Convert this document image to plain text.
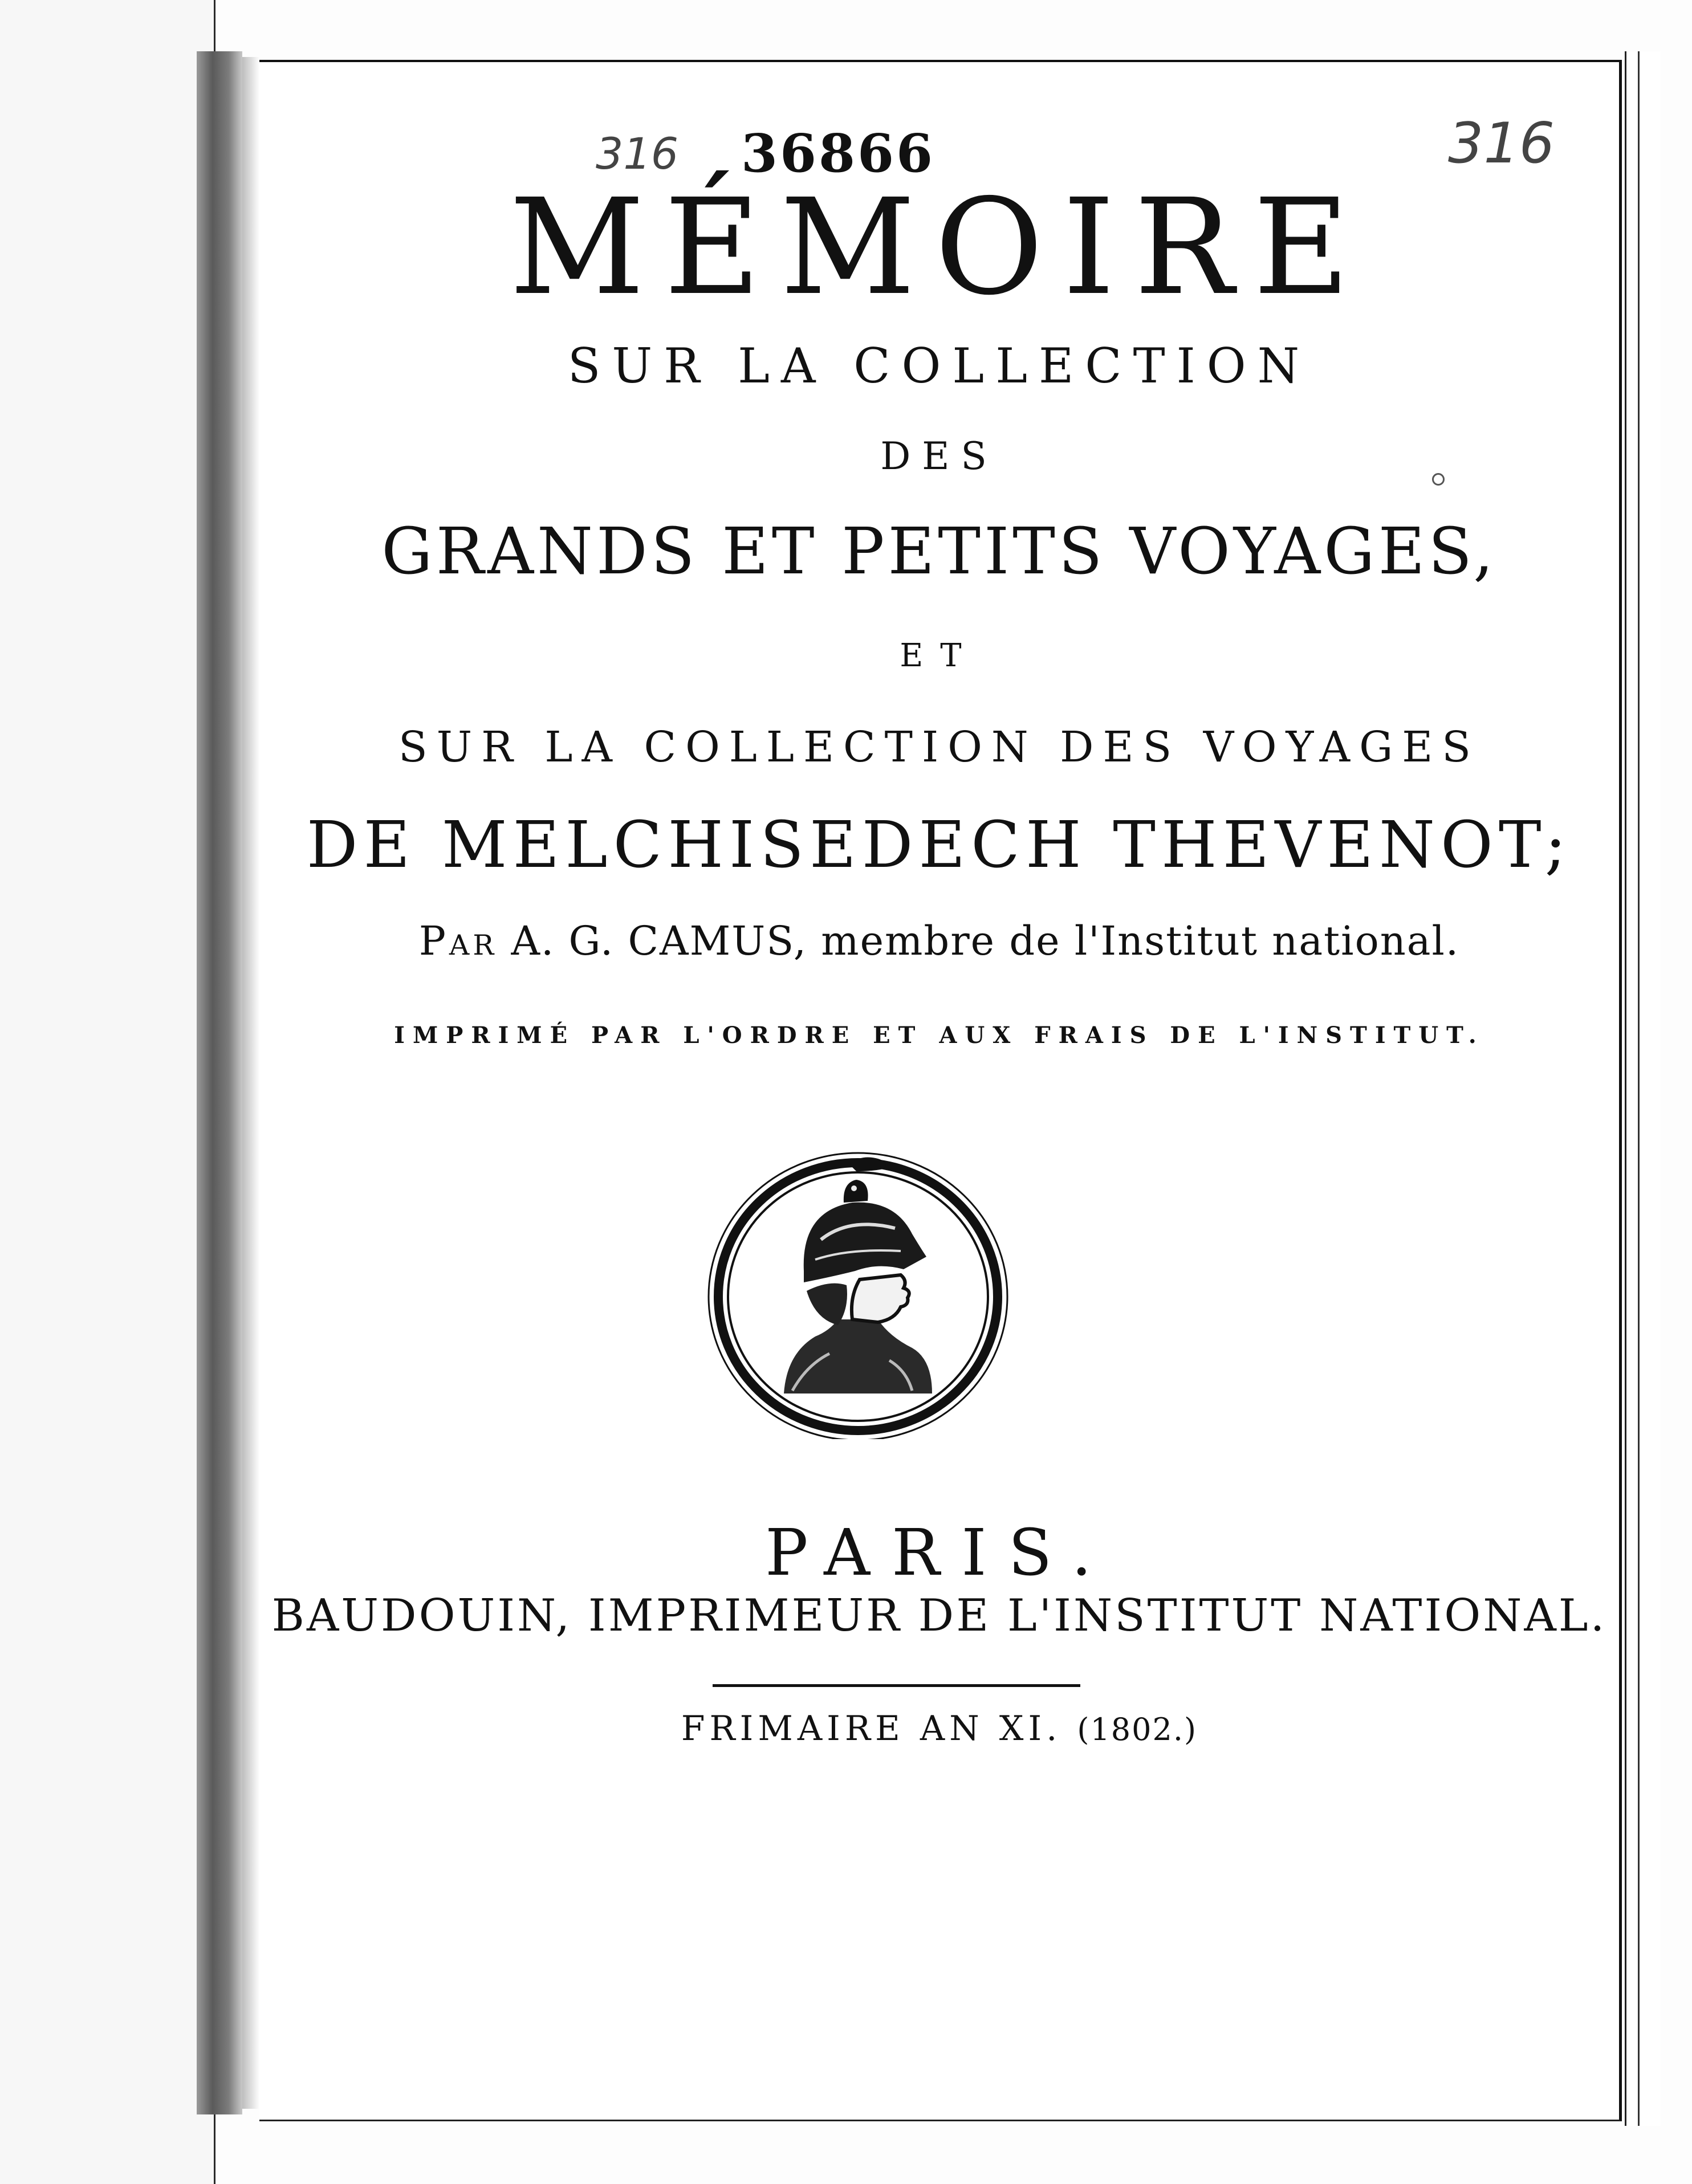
316 36866	316
MÉMOIRE

SUR LA COLLECTION

DES

GRANDS ET PETITS VOYAGES,

ET

SUR LA COLLECTION DES VOYAGES

DE MELCHISEDECH THEVENOT;

Par A. G. CAMUS, membre de l'Institut national.

IMPRIMÉ PAR L'ORDRE ET AUX FRAIS DE L'INSTITUT.

PARIS.

BAUDOUIN, IMPRIMEUR DE L'INSTITUT NATIONAL.

FRIMAIRE AN XI. (1802.)
